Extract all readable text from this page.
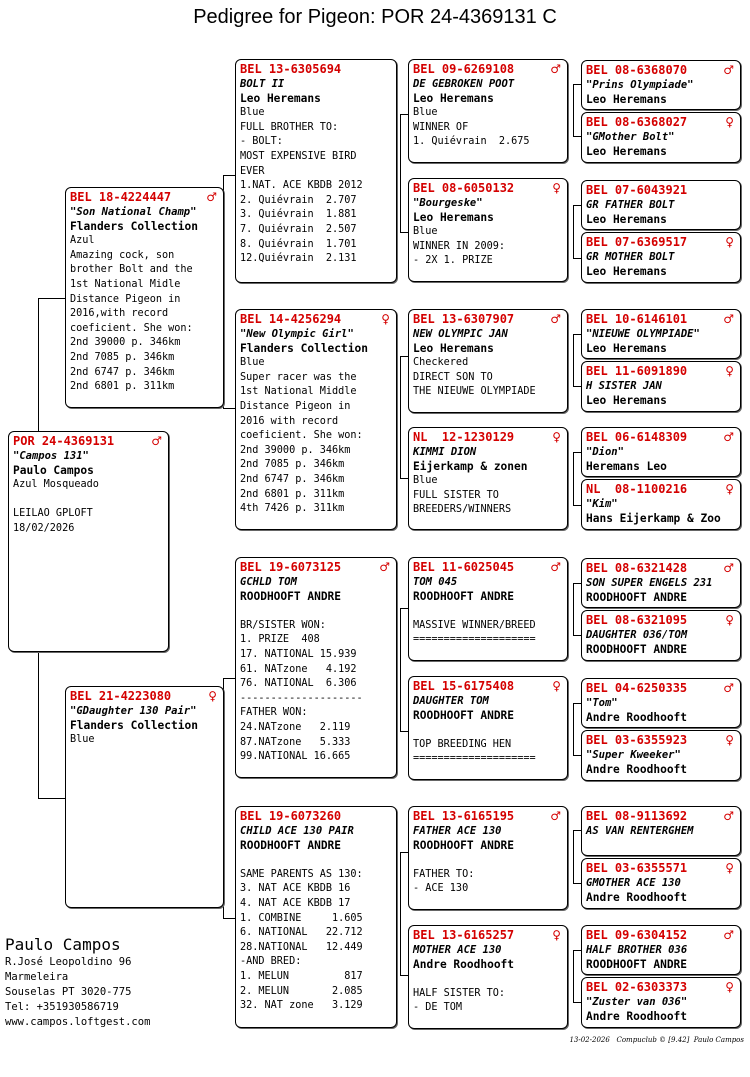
Pedigree for Pigeon: POR 24-4369131 C
POR 24-4369131	♂
"Campos 131"
Paulo Campos
Azul Mosqueado

LEILAO GPLOFT
18/02/2026
BEL 18-4224447	♂
"Son National Champ"
Flanders Collection
Azul
Amazing cock, son
brother Bolt and the
1st National Midle
Distance Pigeon in
2016,with record
coeficient. She won:
2nd 39000 p. 346km
2nd 7085 p. 346km
2nd 6747 p. 346km
2nd 6801 p. 311km
BEL 21-4223080	♀
"GDaughter 130 Pair"
Flanders Collection
Blue
BEL 13-6305694
BOLT II
Leo Heremans
Blue
FULL BROTHER TO:
- BOLT:
MOST EXPENSIVE BIRD
EVER
1.NAT. ACE KBDB 2012
2. Quiévrain  2.707
3. Quiévrain  1.881
7. Quiévrain  2.507
8. Quiévrain  1.701
12.Quiévrain  2.131
BEL 14-4256294	♀
"New Olympic Girl"
Flanders Collection
Blue
Super racer was the
1st National Middle
Distance Pigeon in
2016 with record
coeficient. She won:
2nd 39000 p. 346km
2nd 7085 p. 346km
2nd 6747 p. 346km
2nd 6801 p. 311km
4th 7426 p. 311km
BEL 19-6073125	♂
GCHLD TOM
ROODHOOFT ANDRE

BR/SISTER WON:
1. PRIZE  408
17. NATIONAL 15.939
61. NATzone   4.192
76. NATIONAL  6.306
--------------------
FATHER WON:
24.NATzone   2.119
87.NATzone   5.333
99.NATIONAL 16.665
BEL 19-6073260
CHILD ACE 130 PAIR
ROODHOOFT ANDRE

SAME PARENTS AS 130:
3. NAT ACE KBDB 16
4. NAT ACE KBDB 17
1. COMBINE     1.605
6. NATIONAL   22.712
28.NATIONAL   12.449
-AND BRED:
1. MELUN         817
2. MELUN       2.085
32. NAT zone   3.129
BEL 09-6269108	♂
DE GEBROKEN POOT
Leo Heremans
Blue
WINNER OF
1. Quiévrain  2.675
BEL 08-6050132	♀
"Bourgeske"
Leo Heremans
Blue
WINNER IN 2009:
- 2X 1. PRIZE
BEL 13-6307907	♂
NEW OLYMPIC JAN
Leo Heremans
Checkered
DIRECT SON TO
THE NIEUWE OLYMPIADE
NL  12-1230129	♀
KIMMI DION
Eijerkamp & zonen
Blue
FULL SISTER TO
BREEDERS/WINNERS
BEL 11-6025045	♂
TOM 045
ROODHOOFT ANDRE

MASSIVE WINNER/BREED
====================
BEL 15-6175408	♀
DAUGHTER TOM
ROODHOOFT ANDRE

TOP BREEDING HEN
====================
BEL 13-6165195	♂
FATHER ACE 130
ROODHOOFT ANDRE

FATHER TO:
- ACE 130
BEL 13-6165257	♀
MOTHER ACE 130
Andre Roodhooft

HALF SISTER TO:
- DE TOM
BEL 08-6368070	♂
"Prins Olympiade"
Leo Heremans
BEL 08-6368027	♀
"GMother Bolt"
Leo Heremans
BEL 07-6043921
GR FATHER BOLT
Leo Heremans
BEL 07-6369517	♀
GR MOTHER BOLT
Leo Heremans
BEL 10-6146101	♂
"NIEUWE OLYMPIADE"
Leo Heremans
BEL 11-6091890	♀
H SISTER JAN
Leo Heremans
BEL 06-6148309	♂
"Dion"
Heremans Leo
NL  08-1100216	♀
"Kim"
Hans Eijerkamp & Zoo
BEL 08-6321428	♂
SON SUPER ENGELS 231
ROODHOOFT ANDRE
BEL 08-6321095	♀
DAUGHTER 036/TOM
ROODHOOFT ANDRE
BEL 04-6250335	♂
"Tom"
Andre Roodhooft
BEL 03-6355923	♀
"Super Kweeker"
Andre Roodhooft
BEL 08-9113692	♂
AS VAN RENTERGHEM
BEL 03-6355571	♀
GMOTHER ACE 130
Andre Roodhooft
BEL 09-6304152	♂
HALF BROTHER 036
ROODHOOFT ANDRE
BEL 02-6303373	♀
"Zuster van 036"
Andre Roodhooft
Paulo Campos
R.José Leopoldino 96
Marmeleira
Souselas PT 3020-775
Tel: +351930586719
www.campos.loftgest.com
13-02-2026   Compuclub © [9.42]  Paulo Campos
